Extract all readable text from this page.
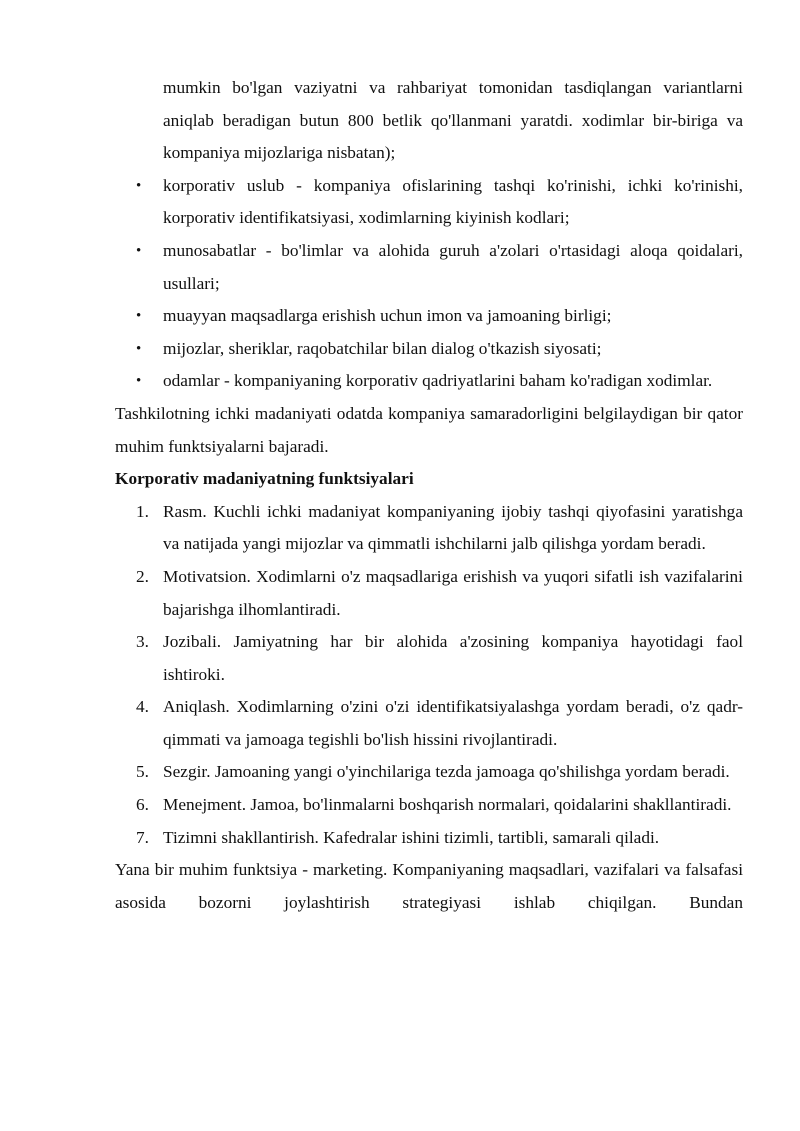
mumkin bo'lgan vaziyatni va rahbariyat tomonidan tasdiqlangan variantlarni aniqlab beradigan butun 800 betlik qo'llanmani yaratdi. xodimlar bir-biriga va kompaniya mijozlariga nisbatan);
• korporativ uslub - kompaniya ofislarining tashqi ko'rinishi, ichki ko'rinishi, korporativ identifikatsiyasi, xodimlarning kiyinish kodlari;
• munosabatlar - bo'limlar va alohida guruh a'zolari o'rtasidagi aloqa qoidalari, usullari;
• muayyan maqsadlarga erishish uchun imon va jamoaning birligi;
• mijozlar, sheriklar, raqobatchilar bilan dialog o'tkazish siyosati;
• odamlar - kompaniyaning korporativ qadriyatlarini baham ko'radigan xodimlar.
Tashkilotning ichki madaniyati odatda kompaniya samaradorligini belgilaydigan bir qator muhim funktsiyalarni bajaradi.
Korporativ madaniyatning funktsiyalari
1. Rasm. Kuchli ichki madaniyat kompaniyaning ijobiy tashqi qiyofasini yaratishga va natijada yangi mijozlar va qimmatli ishchilarni jalb qilishga yordam beradi.
2. Motivatsion. Xodimlarni o'z maqsadlariga erishish va yuqori sifatli ish vazifalarini bajarishga ilhomlantiradi.
3. Jozibali. Jamiyatning har bir alohida a'zosining kompaniya hayotidagi faol ishtiroki.
4. Aniqlash. Xodimlarning o'zini o'zi identifikatsiyalashga yordam beradi, o'z qadr-qimmati va jamoaga tegishli bo'lish hissini rivojlantiradi.
5. Sezgir. Jamoaning yangi o'yinchilariga tezda jamoaga qo'shilishga yordam beradi.
6. Menejment. Jamoa, bo'linmalarni boshqarish normalari, qoidalarini shakllantiradi.
7. Tizimni shakllantirish. Kafedralar ishini tizimli, tartibli, samarali qiladi.
Yana bir muhim funktsiya - marketing. Kompaniyaning maqsadlari, vazifalari va falsafasi asosida bozorni joylashtirish strategiyasi ishlab chiqilgan. Bundan
